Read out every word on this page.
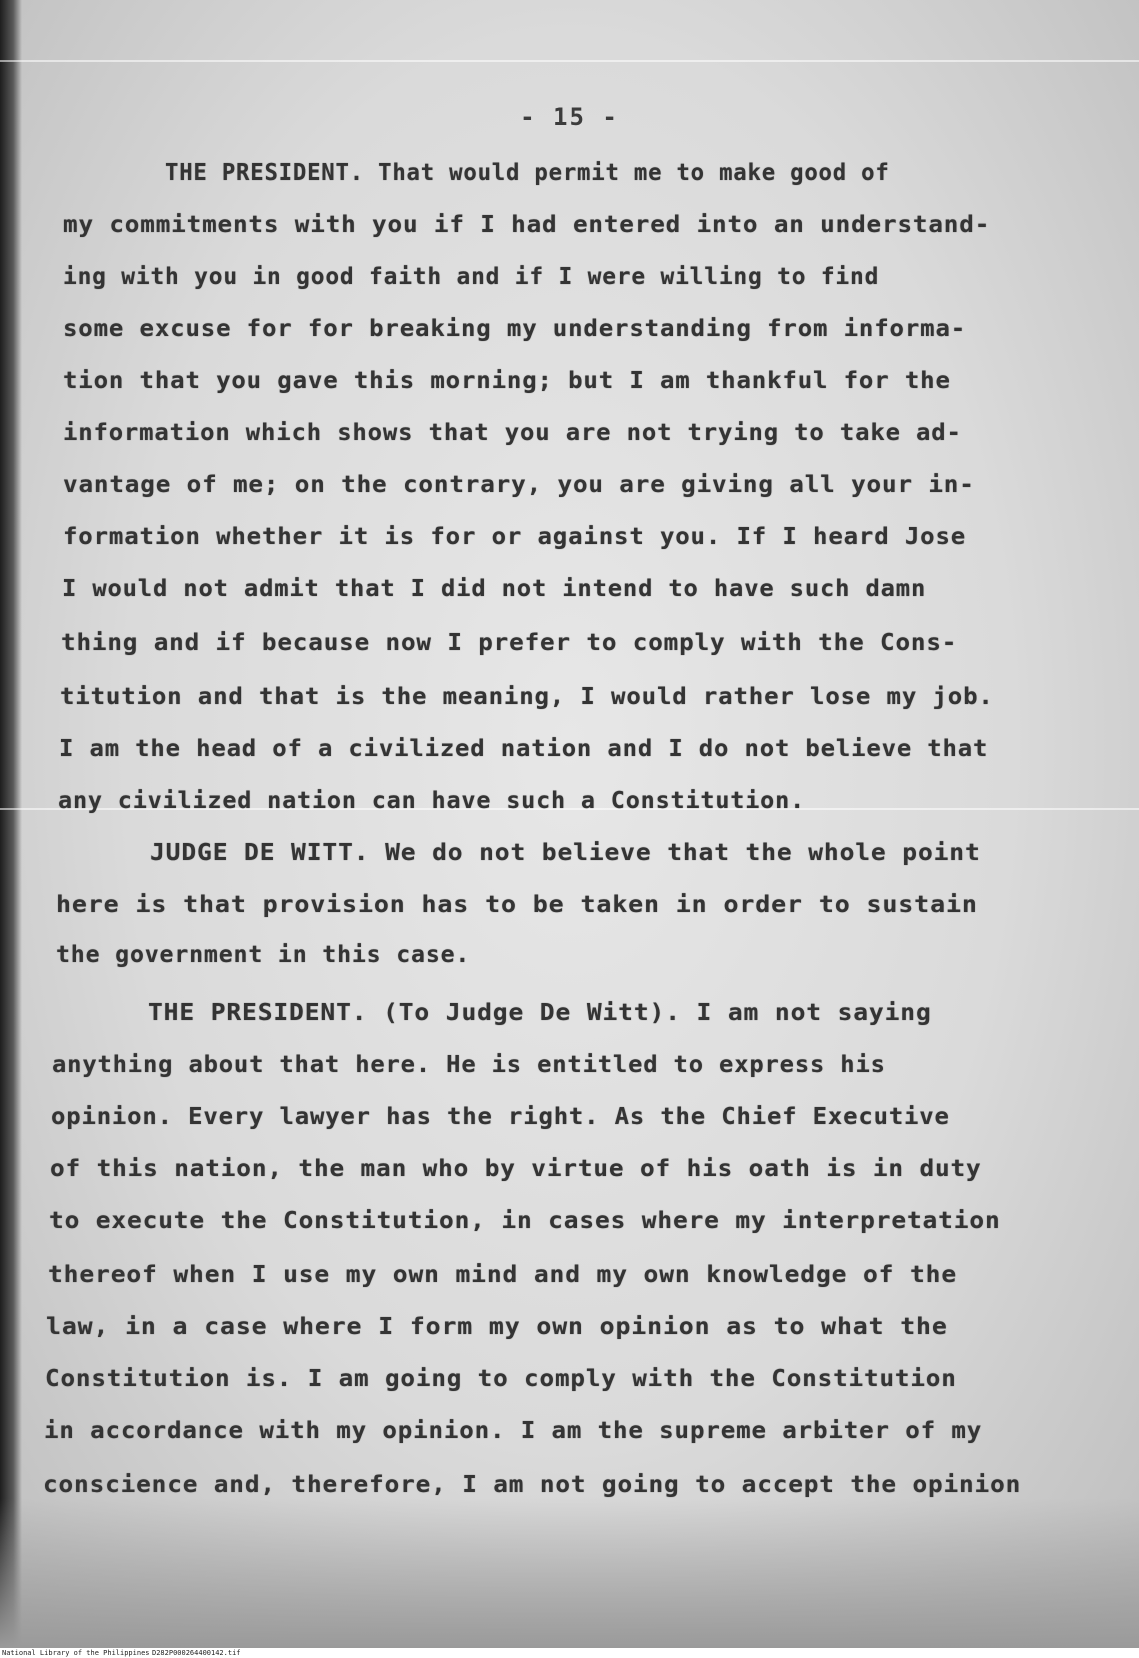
- 15 -

THE PRESIDENT. That would permit me to make good of

my commitments with you if I had entered into an understand-

ing with you in good faith and if I were willing to find

some excuse for for breaking my understanding from informa-

tion that you gave this morning; but I am thankful for the

information which shows that you are not trying to take ad-

vantage of me; on the contrary, you are giving all your in-

formation whether it is for or against you. If I heard Jose

I would not admit that I did not intend to have such damn

thing and if because now I prefer to comply with the Cons-

titution and that is the meaning, I would rather lose my job.

I am the head of a civilized nation and I do not believe that

any civilized nation can have such a Constitution.

JUDGE DE WITT. We do not believe that the whole point

here is that provision has to be taken in order to sustain

the government in this case.

THE PRESIDENT. (To Judge De Witt). I am not saying

anything about that here. He is entitled to express his

opinion. Every lawyer has the right. As the Chief Executive

of this nation, the man who by virtue of his oath is in duty

to execute the Constitution, in cases where my interpretation

thereof when I use my own mind and my own knowledge of the

law, in a case where I form my own opinion as to what the

Constitution is. I am going to comply with the Constitution

in accordance with my opinion. I am the supreme arbiter of my

conscience and, therefore, I am not going to accept the opinion

National Library of the Philippines D282P000264400142.tif
